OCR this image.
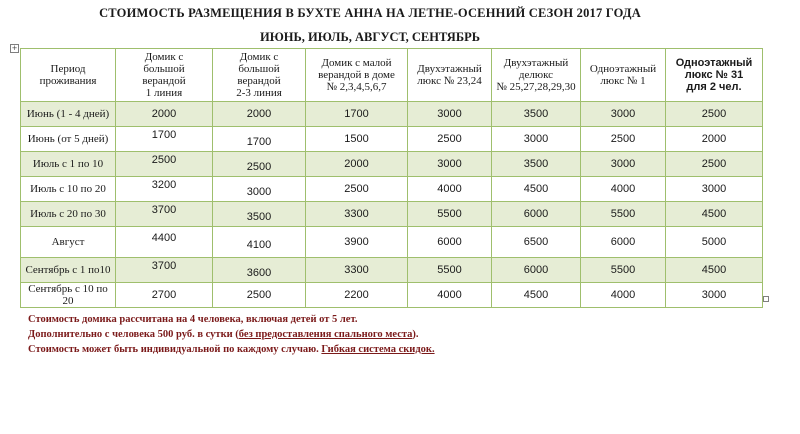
СТОИМОСТЬ РАЗМЕЩЕНИЯ В БУХТЕ АННА НА ЛЕТНЕ-ОСЕННИЙ СЕЗОН 2017 ГОДА
ИЮНЬ, ИЮЛЬ, АВГУСТ, СЕНТЯБРЬ
+
Период
проживания	Домик с
большой
верандой
1 линия	Домик с
большой
верандой
2-3 линия	Домик с малой
верандой в доме
№ 2,3,4,5,6,7	Двухэтажный
люкс № 23,24	Двухэтажный
делюкс
№ 25,27,28,29,30	Одноэтажный
люкс № 1	Одноэтажный
люкс № 31
для 2 чел.
Июнь (1 - 4 дней)	2000	2000	1700	3000	3500	3000	2500
Июнь (от 5 дней)	1700	1700	1500	2500	3000	2500	2000
Июль с 1 по 10	2500	2500	2000	3000	3500	3000	2500
Июль с 10 по 20	3200	3000	2500	4000	4500	4000	3000
Июль с 20 по 30	3700	3500	3300	5500	6000	5500	4500
Август	4400	4100	3900	6000	6500	6000	5000
Сентябрь с 1 по10	3700	3600	3300	5500	6000	5500	4500
Сентябрь с 10 по 20	2700	2500	2200	4000	4500	4000	3000
Стоимость домика рассчитана на 4 человека, включая детей от 5 лет.
Дополнительно с человека 500 руб. в сутки (без предоставления спального места).
Стоимость может быть индивидуальной по каждому случаю. Гибкая система скидок.
